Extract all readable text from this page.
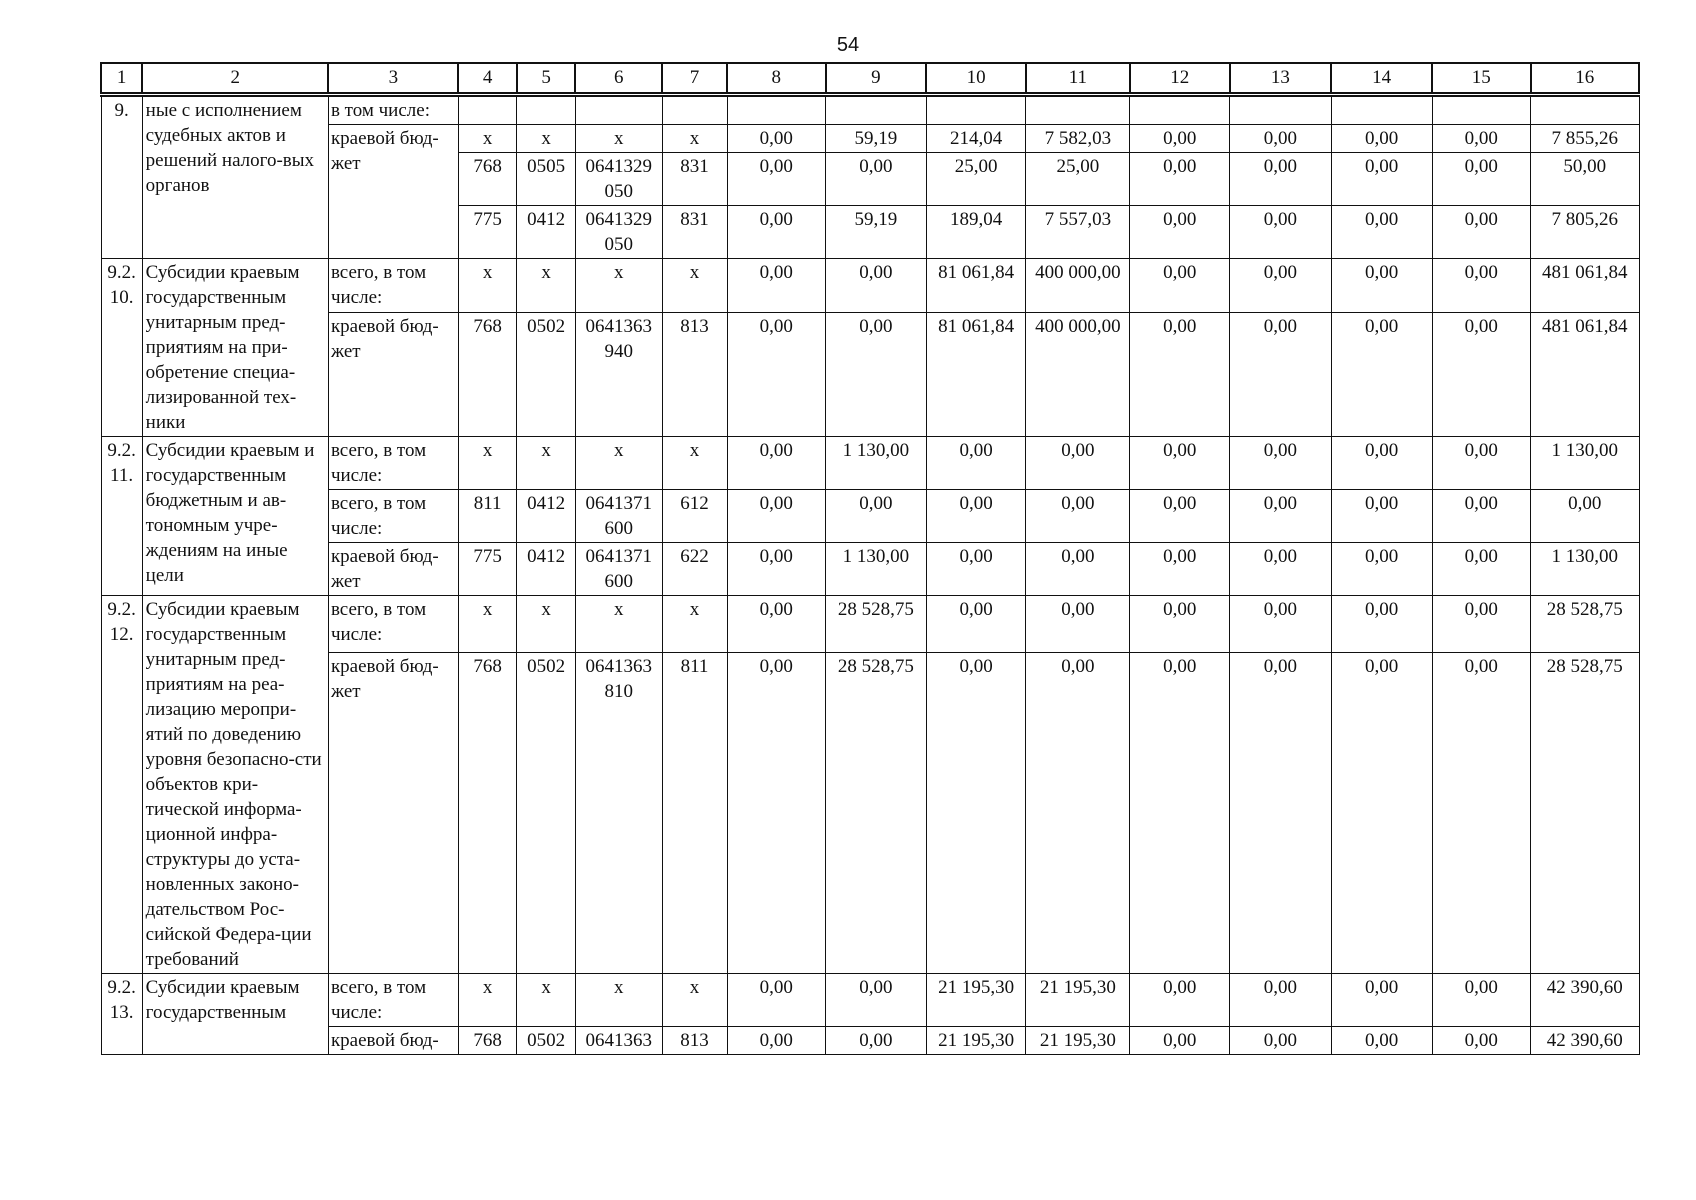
54
1	2	3	4	5	6	7	8	9	10	11	12	13	14	15	16
9.	ные с исполнением судебных актов и решений налого-вых органов	в том числе:													
		краевой бюд-жет	х	х	х	х	0,00	59,19	214,04	7 582,03	0,00	0,00	0,00	0,00	7 855,26
			768	0505	0641329 050	831	0,00	0,00	25,00	25,00	0,00	0,00	0,00	0,00	50,00
			775	0412	0641329 050	831	0,00	59,19	189,04	7 557,03	0,00	0,00	0,00	0,00	7 805,26
9.2. 10.	Субсидии краевым государственным унитарным пред-приятиям на при-обретение специа-лизированной тех-ники	всего, в том числе:	х	х	х	х	0,00	0,00	81 061,84	400 000,00	0,00	0,00	0,00	0,00	481 061,84
		краевой бюд-жет	768	0502	0641363 940	813	0,00	0,00	81 061,84	400 000,00	0,00	0,00	0,00	0,00	481 061,84
9.2. 11.	Субсидии краевым и государственным бюджетным и ав-тономным учре-ждениям на иные цели	всего, в том числе:	х	х	х	х	0,00	1 130,00	0,00	0,00	0,00	0,00	0,00	0,00	1 130,00
		всего, в том числе:	811	0412	0641371 600	612	0,00	0,00	0,00	0,00	0,00	0,00	0,00	0,00	0,00
		краевой бюд-жет	775	0412	0641371 600	622	0,00	1 130,00	0,00	0,00	0,00	0,00	0,00	0,00	1 130,00
9.2. 12.	Субсидии краевым государственным унитарным пред-приятиям на реа-лизацию меропри-ятий по доведению уровня безопасно-сти объектов кри-тической информа-ционной инфра-структуры до уста-новленных законо-дательством Рос-сийской Федера-ции требований	всего, в том числе:	х	х	х	х	0,00	28 528,75	0,00	0,00	0,00	0,00	0,00	0,00	28 528,75
		краевой бюд-жет	768	0502	0641363 810	811	0,00	28 528,75	0,00	0,00	0,00	0,00	0,00	0,00	28 528,75
9.2. 13.	Субсидии краевым государственным	всего, в том числе:	х	х	х	х	0,00	0,00	21 195,30	21 195,30	0,00	0,00	0,00	0,00	42 390,60
		краевой бюд-	768	0502	0641363	813	0,00	0,00	21 195,30	21 195,30	0,00	0,00	0,00	0,00	42 390,60
